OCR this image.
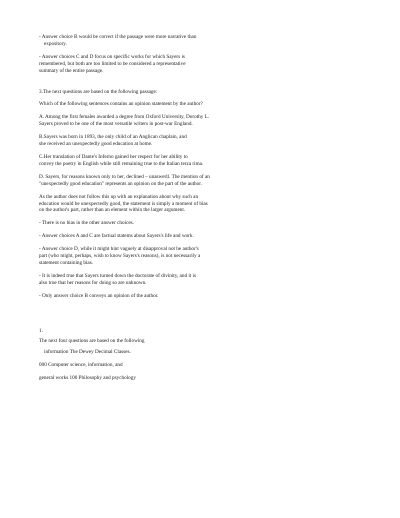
- Answer choice B would be correct if the passage were more narrative than

expository.

- Answer choices C and D focus on specific works for which Sayers is
remembered, but both are too limited to be considered a representative
summary of the entire passage.

3.The next questions are based on the following passage:

Which of the following sentences contains an opinion statement by the author?

A. Among the first females awarded a degree from Oxford University, Dorothy L.
Sayers proved to be one of the most versatile writers in post-war England.

B.Sayers was born in 1893, the only child of an Anglican chaplain, and
she received an unexpectedly good education at home.

C.Her translation of Dante's Inferno gained her respect for her ability to
convey the poetry in English while still remaining true to the Italian terza rima.

D. Sayers, for reasons known only to her, declined – unaswerll. The mention of an
"unexpectedly good education" represents an opinion on the part of the author.

As the author does not follow this up with an explanation about why such an
education would be unexpectedly good, the statement is simply a moment of bias
on the author's part, rather than an element within the larger argument.

- There is no bias in the other answer choices.

- Answer choices A and C are factual statems about Sayers's life and work.

- Answer choice D, while it might hint vaguely at disapproval not he author's
part (who might, perhaps, wish to know Sayers's reasons), is not necessarily a
statement containing bias.

- It is indeed true that Sayers turned down the doctorate of divinity, and it is
also true that her reasons for doing so are unknown.

- Only answer choice B conveys an opinion of the author.

1.

The next four questions are based on the following

information The Dewey Decimal Classes.

000 Computer science, information, and

general works 100 Philosophy and psychology
